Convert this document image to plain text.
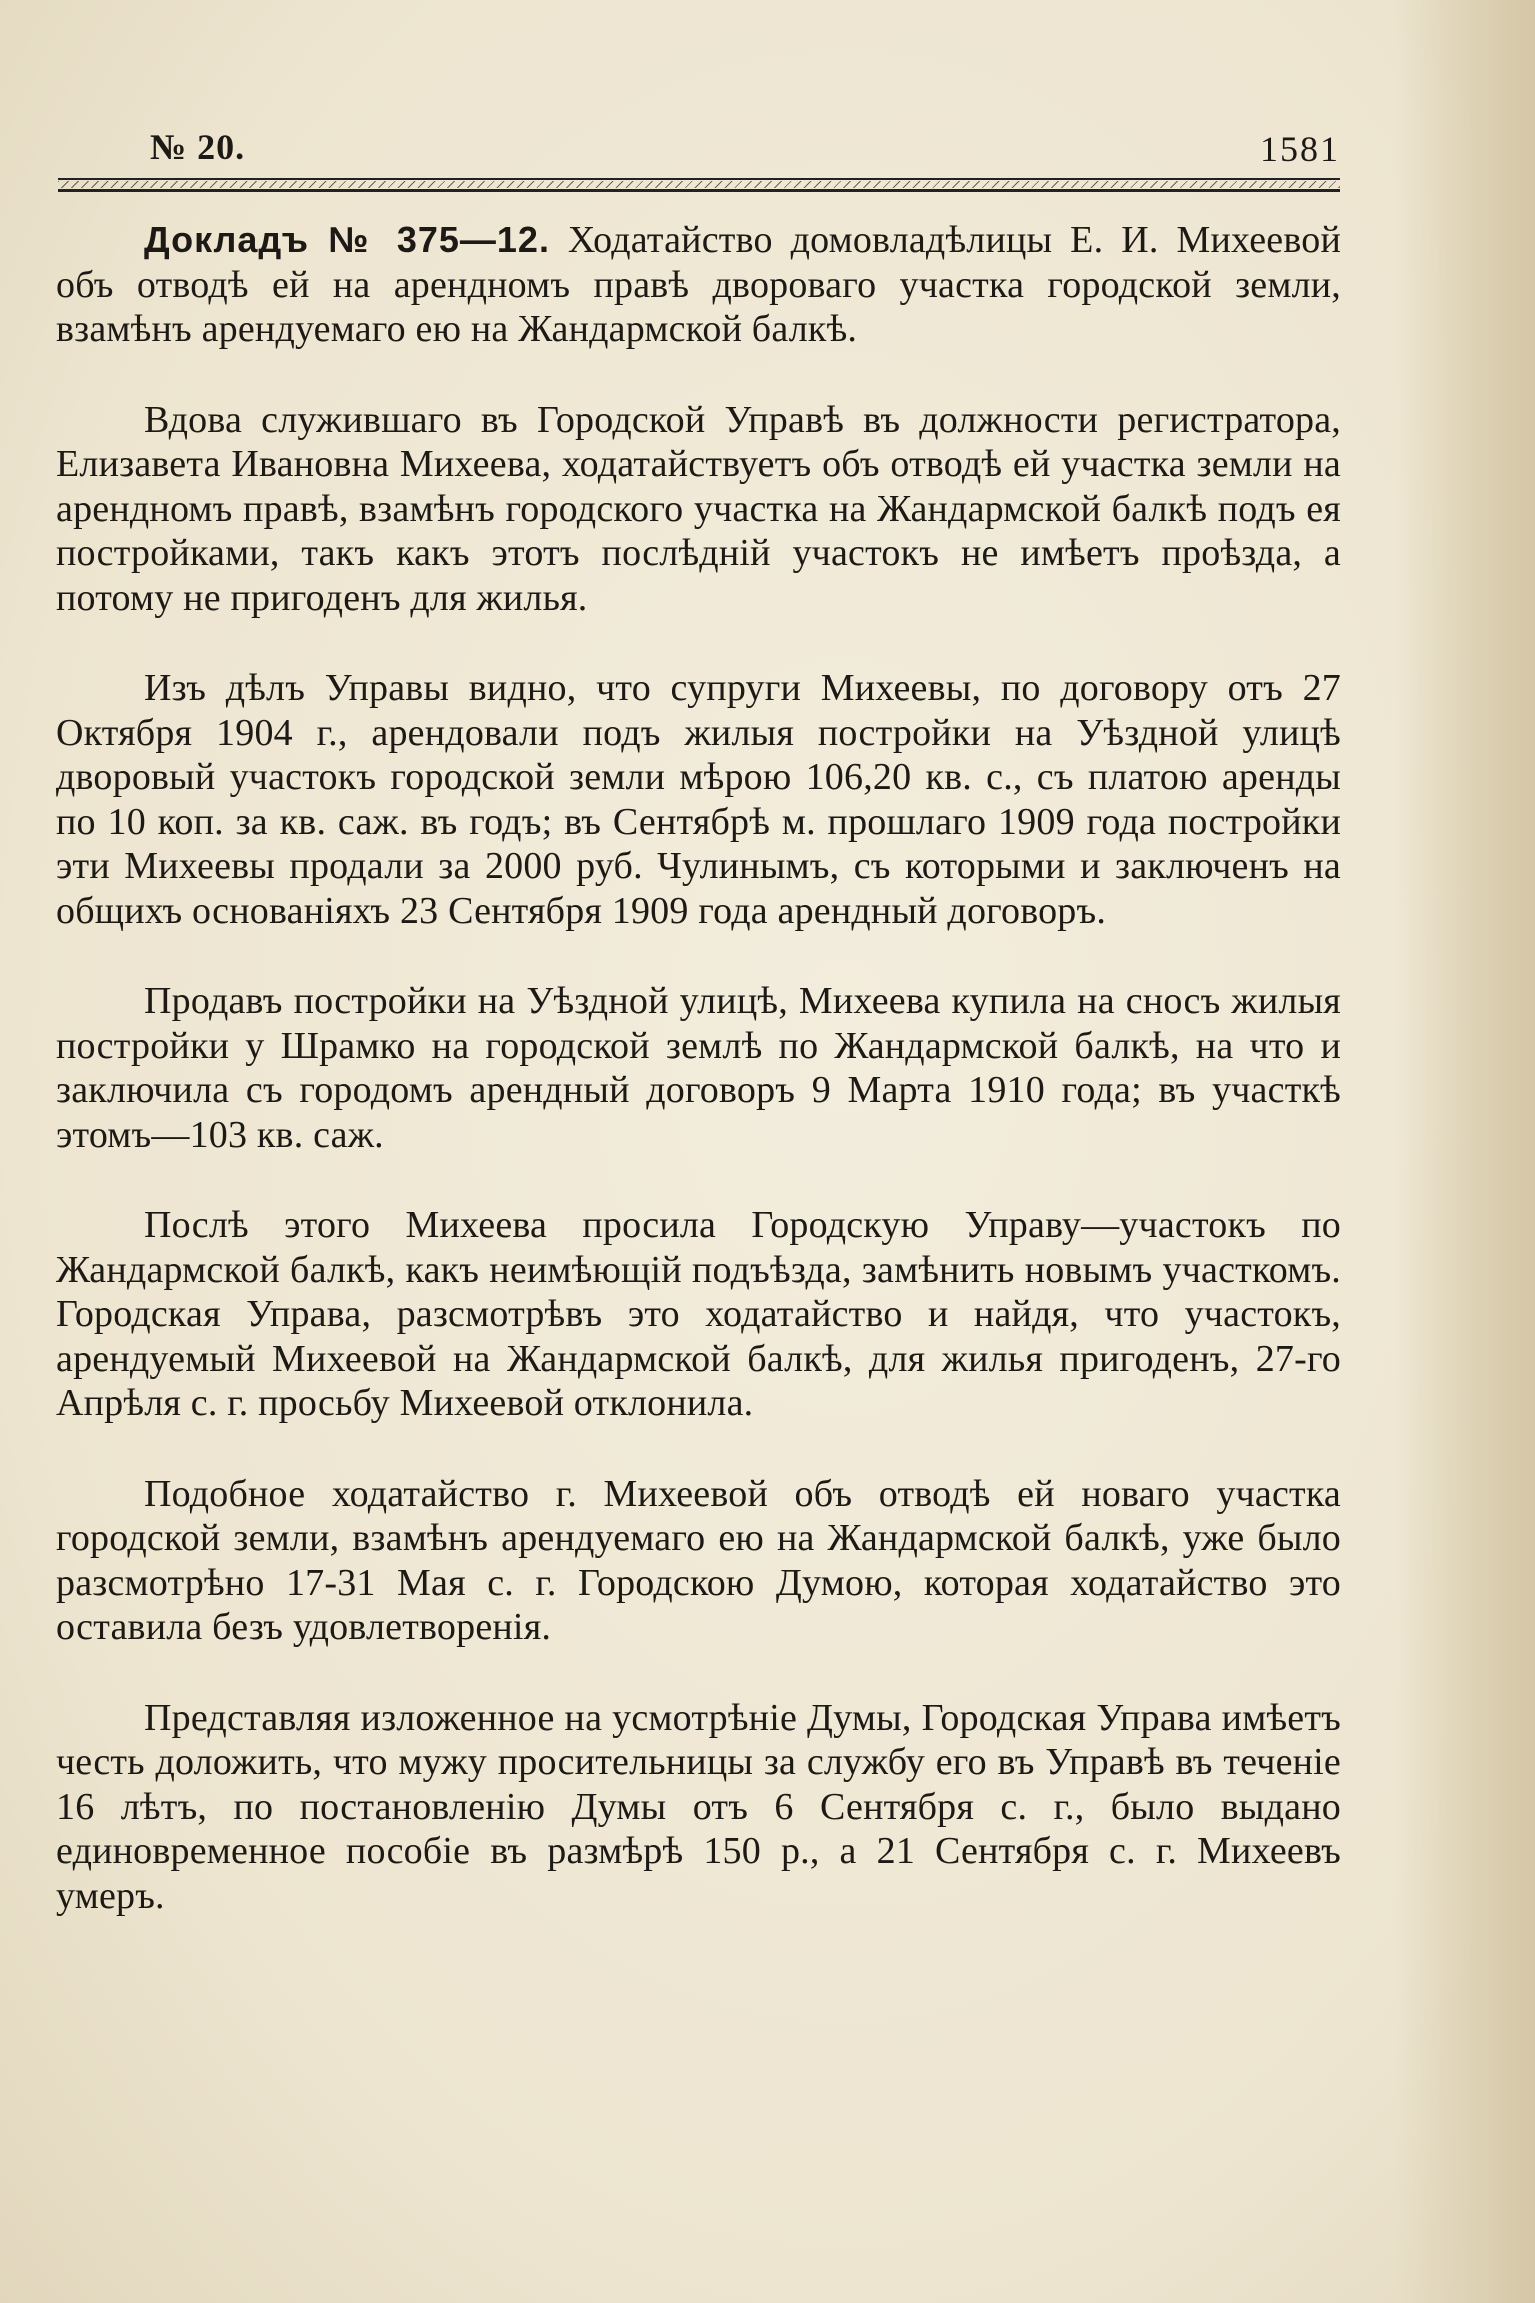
№ 20.	1581

Докладъ № 375—12. Ходатайство домовладѣлицы Е. И. Михеевой объ отводѣ ей на арендномъ правѣ двороваго участка городской земли, взамѣнъ арендуемаго ею на Жандармской балкѣ.

Вдова служившаго въ Городской Управѣ въ должности регистратора, Елизавета Ивановна Михеева, ходатайствуетъ объ отводѣ ей участка земли на арендномъ правѣ, взамѣнъ городского участка на Жандармской балкѣ подъ ея постройками, такъ какъ этотъ послѣднiй участокъ не имѣетъ проѣзда, а потому не пригоденъ для жилья.

Изъ дѣлъ Управы видно, что супруги Михеевы, по договору отъ 27 Октября 1904 г., арендовали подъ жилыя постройки на Уѣздной улицѣ дворовый участокъ городской земли мѣрою 106,20 кв. с., съ платою аренды по 10 коп. за кв. саж. въ годъ; въ Сентябрѣ м. прошлаго 1909 года постройки эти Михеевы продали за 2000 руб. Чулинымъ, съ которыми и заключенъ на общихъ основанiяхъ 23 Сентября 1909 года арендный договоръ.

Продавъ постройки на Уѣздной улицѣ, Михеева купила на сносъ жилыя постройки у Шрамко на городской землѣ по Жандармской балкѣ, на что и заключила съ городомъ арендный договоръ 9 Марта 1910 года; въ участкѣ этомъ—103 кв. саж.

Послѣ этого Михеева просила Городскую Управу—участокъ по Жандармской балкѣ, какъ неимѣющiй подъѣзда, замѣнить новымъ участкомъ. Городская Управа, разсмотрѣвъ это ходатайство и найдя, что участокъ, арендуемый Михеевой на Жандармской балкѣ, для жилья пригоденъ, 27-го Апрѣля с. г. просьбу Михеевой отклонила.

Подобное ходатайство г. Михеевой объ отводѣ ей новаго участка городской земли, взамѣнъ арендуемаго ею на Жандармской балкѣ, уже было разсмотрѣно 17-31 Мая с. г. Городскою Думою, которая ходатайство это оставила безъ удовлетворенiя.

Представляя изложенное на усмотрѣнiе Думы, Городская Управа имѣетъ честь доложить, что мужу просительницы за службу его въ Управѣ въ теченiе 16 лѣтъ, по постановленiю Думы отъ 6 Сентября с. г., было выдано единовременное пособiе въ размѣрѣ 150 р., а 21 Сентября с. г. Михеевъ умеръ.
